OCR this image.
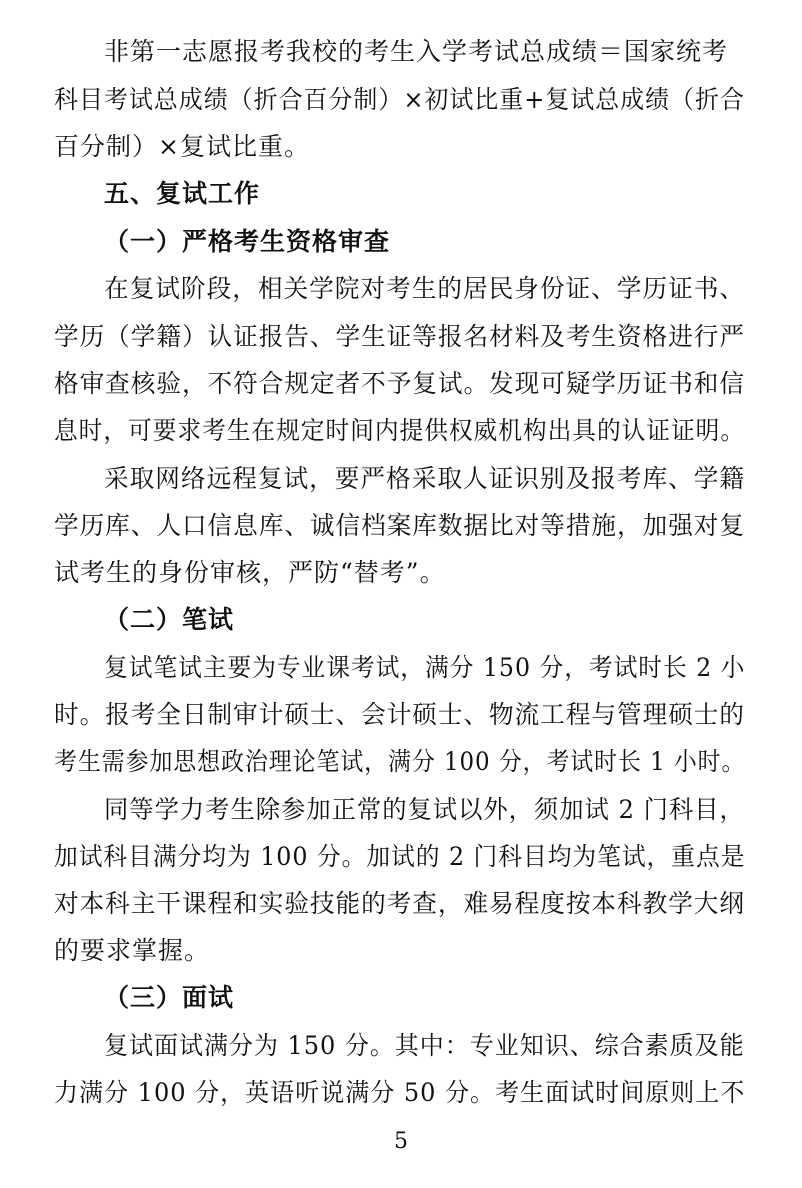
非第一志愿报考我校的考生入学考试总成绩＝国家统考
科目考试总成绩（折合百分制）×初试比重+复试总成绩（折合
百分制）×复试比重。
五、复试工作
（一）严格考生资格审查
在复试阶段，相关学院对考生的居民身份证、学历证书、
学历（学籍）认证报告、学生证等报名材料及考生资格进行严
格审查核验，不符合规定者不予复试。发现可疑学历证书和信
息时，可要求考生在规定时间内提供权威机构出具的认证证明。
采取网络远程复试，要严格采取人证识别及报考库、学籍
学历库、人口信息库、诚信档案库数据比对等措施，加强对复
试考生的身份审核，严防“替考”。
（二）笔试
复试笔试主要为专业课考试，满分 150 分，考试时长 2 小
时。报考全日制审计硕士、会计硕士、物流工程与管理硕士的
考生需参加思想政治理论笔试，满分 100 分，考试时长 1 小时。
同等学力考生除参加正常的复试以外，须加试 2 门科目，
加试科目满分均为 100 分。加试的 2 门科目均为笔试，重点是
对本科主干课程和实验技能的考查，难易程度按本科教学大纲
的要求掌握。
（三）面试
复试面试满分为 150 分。其中：专业知识、综合素质及能
力满分 100 分，英语听说满分 50 分。考生面试时间原则上不
5
